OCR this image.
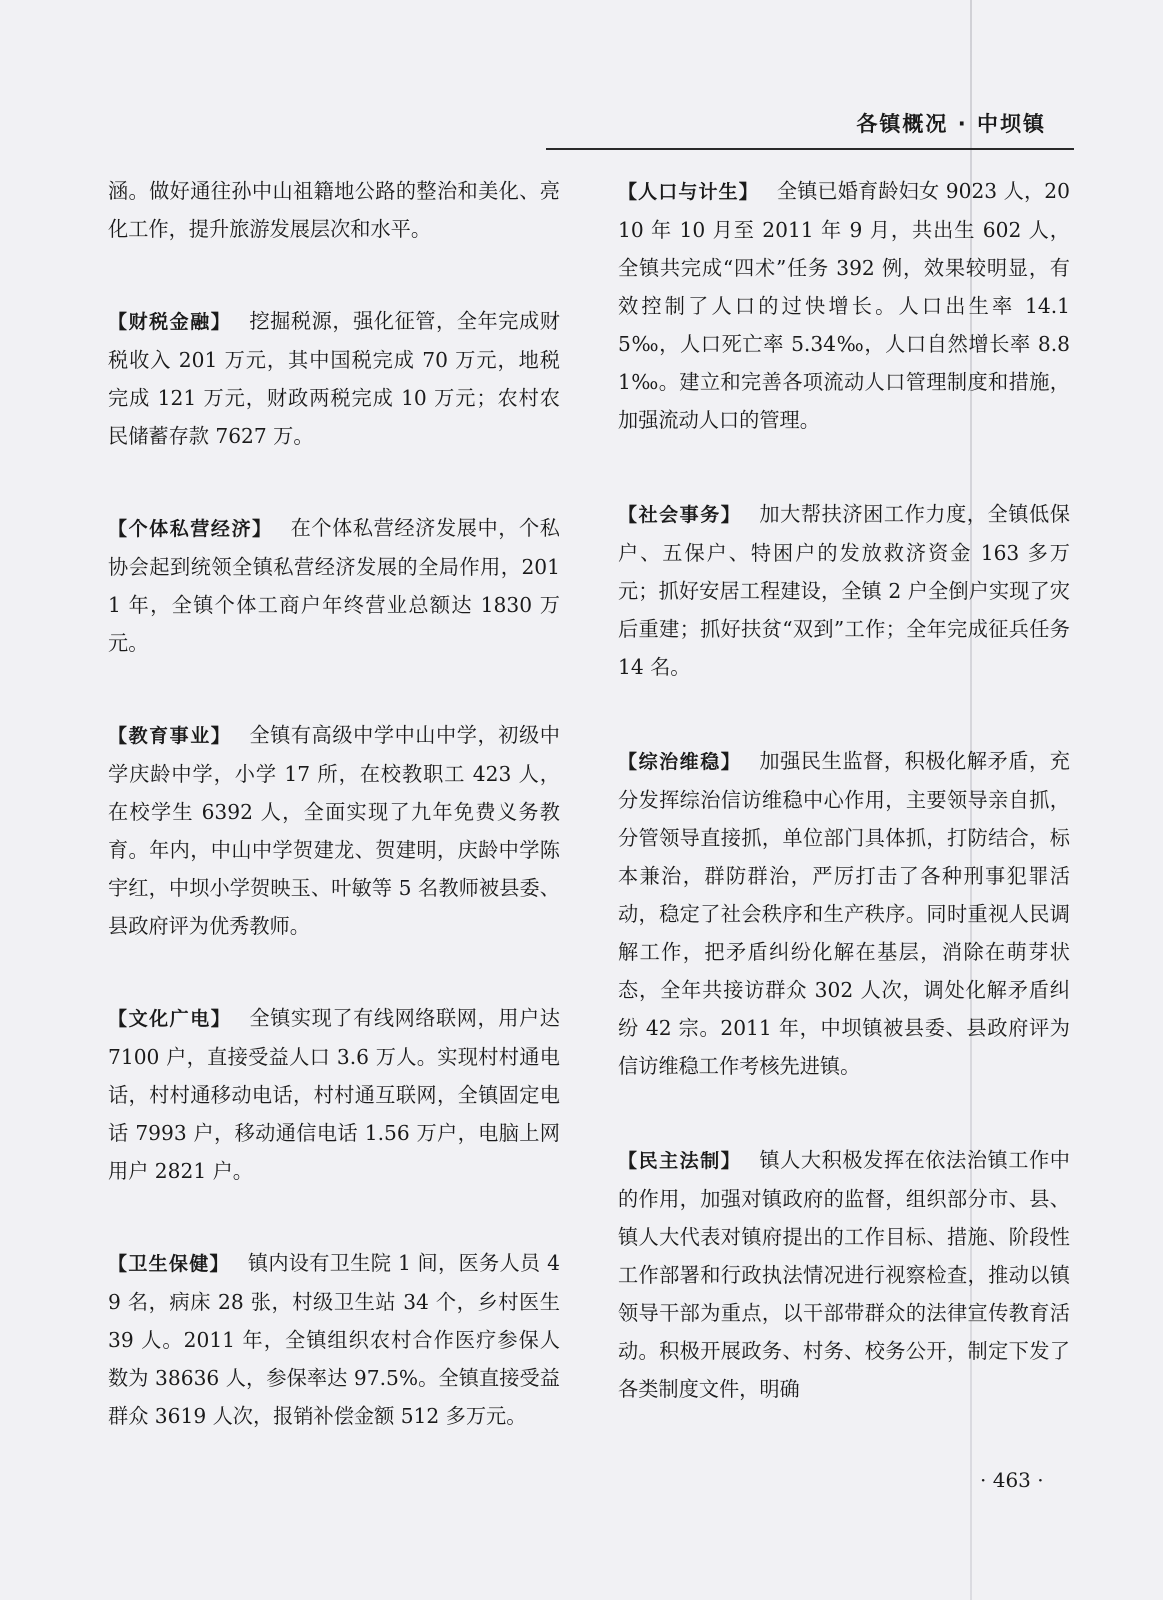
各镇概况 · 中坝镇

涵。做好通往孙中山祖籍地公路的整治和美化、亮化工作，提升旅游发展层次和水平。

【 财税金融 】 挖掘税源，强化征管，全年完成财税收入 201 万元，其中国税完成 70 万元，地税完成 121 万元，财政两税完成 10 万元；农村农民储蓄存款 7627 万。

【 个体私营经济 】 在个体私营经济发展中，个私协会起到统领全镇私营经济发展的全局作用，2011 年，全镇个体工商户年终营业总额达 1830 万元。

【 教育事业 】 全镇有高级中学中山中学，初级中学庆龄中学，小学 17 所，在校教职工 423 人，在校学生 6392 人，全面实现了九年免费义务教育。年内，中山中学贺建龙、贺建明，庆龄中学陈宇红，中坝小学贺映玉、叶敏等 5 名教师被县委、县政府评为优秀教师。

【 文化广电 】 全镇实现了有线网络联网，用户达 7100 户，直接受益人口 3.6 万人。实现村村通电话，村村通移动电话，村村通互联网，全镇固定电话 7993 户，移动通信电话 1.56 万户，电脑上网用户 2821 户。

【 卫生保健 】 镇内设有卫生院 1 间，医务人员 49 名，病床 28 张，村级卫生站 34 个，乡村医生 39 人。2011 年，全镇组织农村合作医疗参保人数为 38636 人，参保率达 97.5%。全镇直接受益群众 3619 人次，报销补偿金额 512 多万元。

【 人口与计生 】 全镇已婚育龄妇女 9023 人，2010 年 10 月至 2011 年 9 月，共出生 602 人，全镇共完成“四术”任务 392 例，效果较明显，有效控制了人口的过快增长。人口出生率 14.15‰，人口死亡率 5.34‰，人口自然增长率 8.81‰。建立和完善各项流动人口管理制度和措施，加强流动人口的管理。

【 社会事务 】 加大帮扶济困工作力度，全镇低保户、五保户、特困户的发放救济资金 163 多万元；抓好安居工程建设，全镇 2 户全倒户实现了灾后重建；抓好扶贫“双到”工作；全年完成征兵任务 14 名。

【 综治维稳 】 加强民生监督，积极化解矛盾，充分发挥综治信访维稳中心作用，主要领导亲自抓，分管领导直接抓，单位部门具体抓，打防结合，标本兼治，群防群治，严厉打击了各种刑事犯罪活动，稳定了社会秩序和生产秩序。同时重视人民调解工作，把矛盾纠纷化解在基层，消除在萌芽状态，全年共接访群众 302 人次，调处化解矛盾纠纷 42 宗。2011 年，中坝镇被县委、县政府评为信访维稳工作考核先进镇。

【 民主法制 】 镇人大积极发挥在依法治镇工作中的作用，加强对镇政府的监督，组织部分市、县、镇人大代表对镇府提出的工作目标、措施、阶段性工作部署和行政执法情况进行视察检查，推动以镇领导干部为重点，以干部带群众的法律宣传教育活动。积极开展政务、村务、校务公开，制定下发了各类制度文件，明确

· 463 ·
